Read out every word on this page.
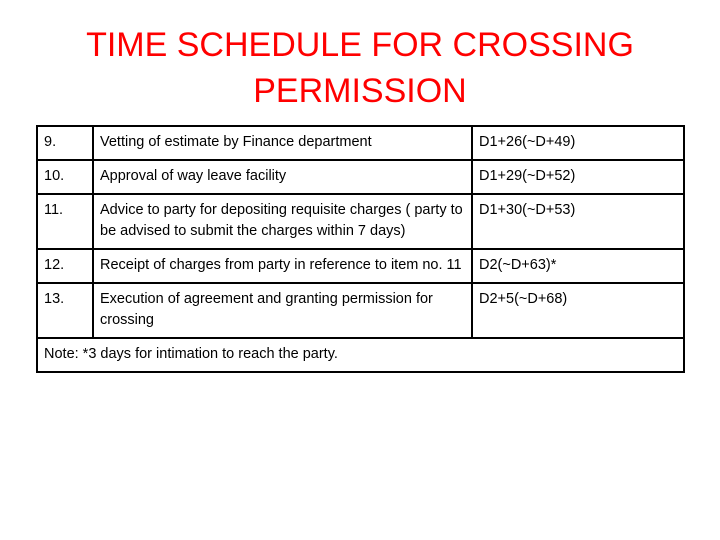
TIME SCHEDULE FOR CROSSING PERMISSION
9.	Vetting of estimate by Finance department	D1+26(~D+49)
10.	Approval of way leave facility	D1+29(~D+52)
11.	Advice to party for depositing requisite charges ( party to be advised to submit the charges within 7 days)	D1+30(~D+53)
12.	Receipt of charges from party in reference to item no. 11	D2(~D+63)*
13.	Execution of agreement and granting permission for crossing	D2+5(~D+68)
Note: *3 days for intimation to reach the party.		
